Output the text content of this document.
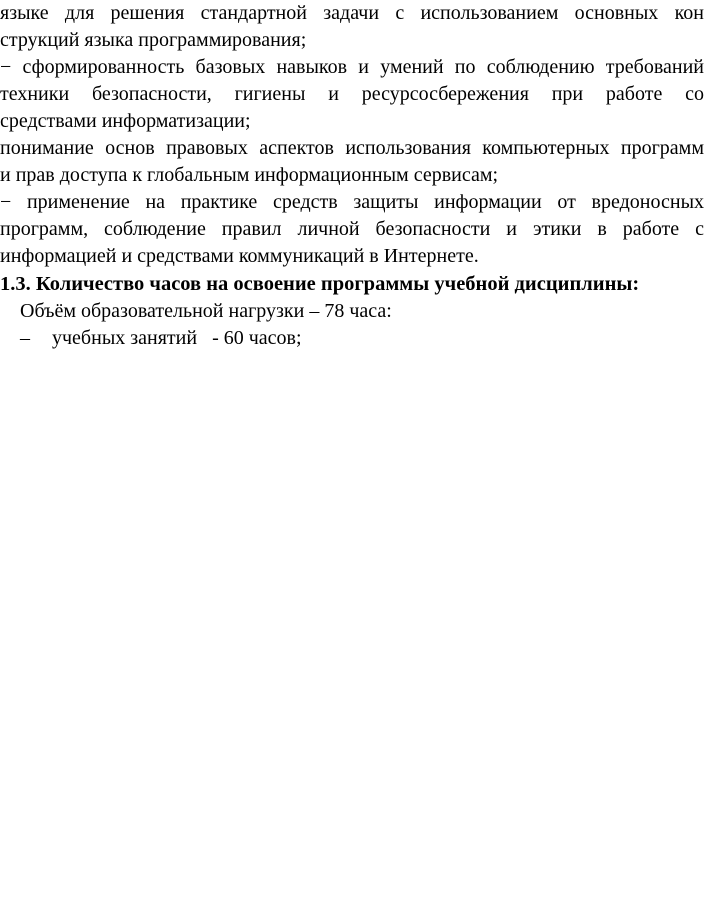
языке для решения стандартной задачи с использованием основных кон
струкций языка программирования;
− сформированность базовых навыков и умений по соблюдению требований
техники безопасности, гигиены и ресурсосбережения при работе со
средствами информатизации;
понимание основ правовых аспектов использования компьютерных программ
и прав доступа к глобальным информационным сервисам;
− применение на практике средств защиты информации от вредоносных
программ, соблюдение правил личной безопасности и этики в работе с
информацией и средствами коммуникаций в Интернете.
1.3. Количество часов на освоение программы учебной дисциплины:
Объём образовательной нагрузки – 78 часа:
– учебных занятий   - 60 часов;
